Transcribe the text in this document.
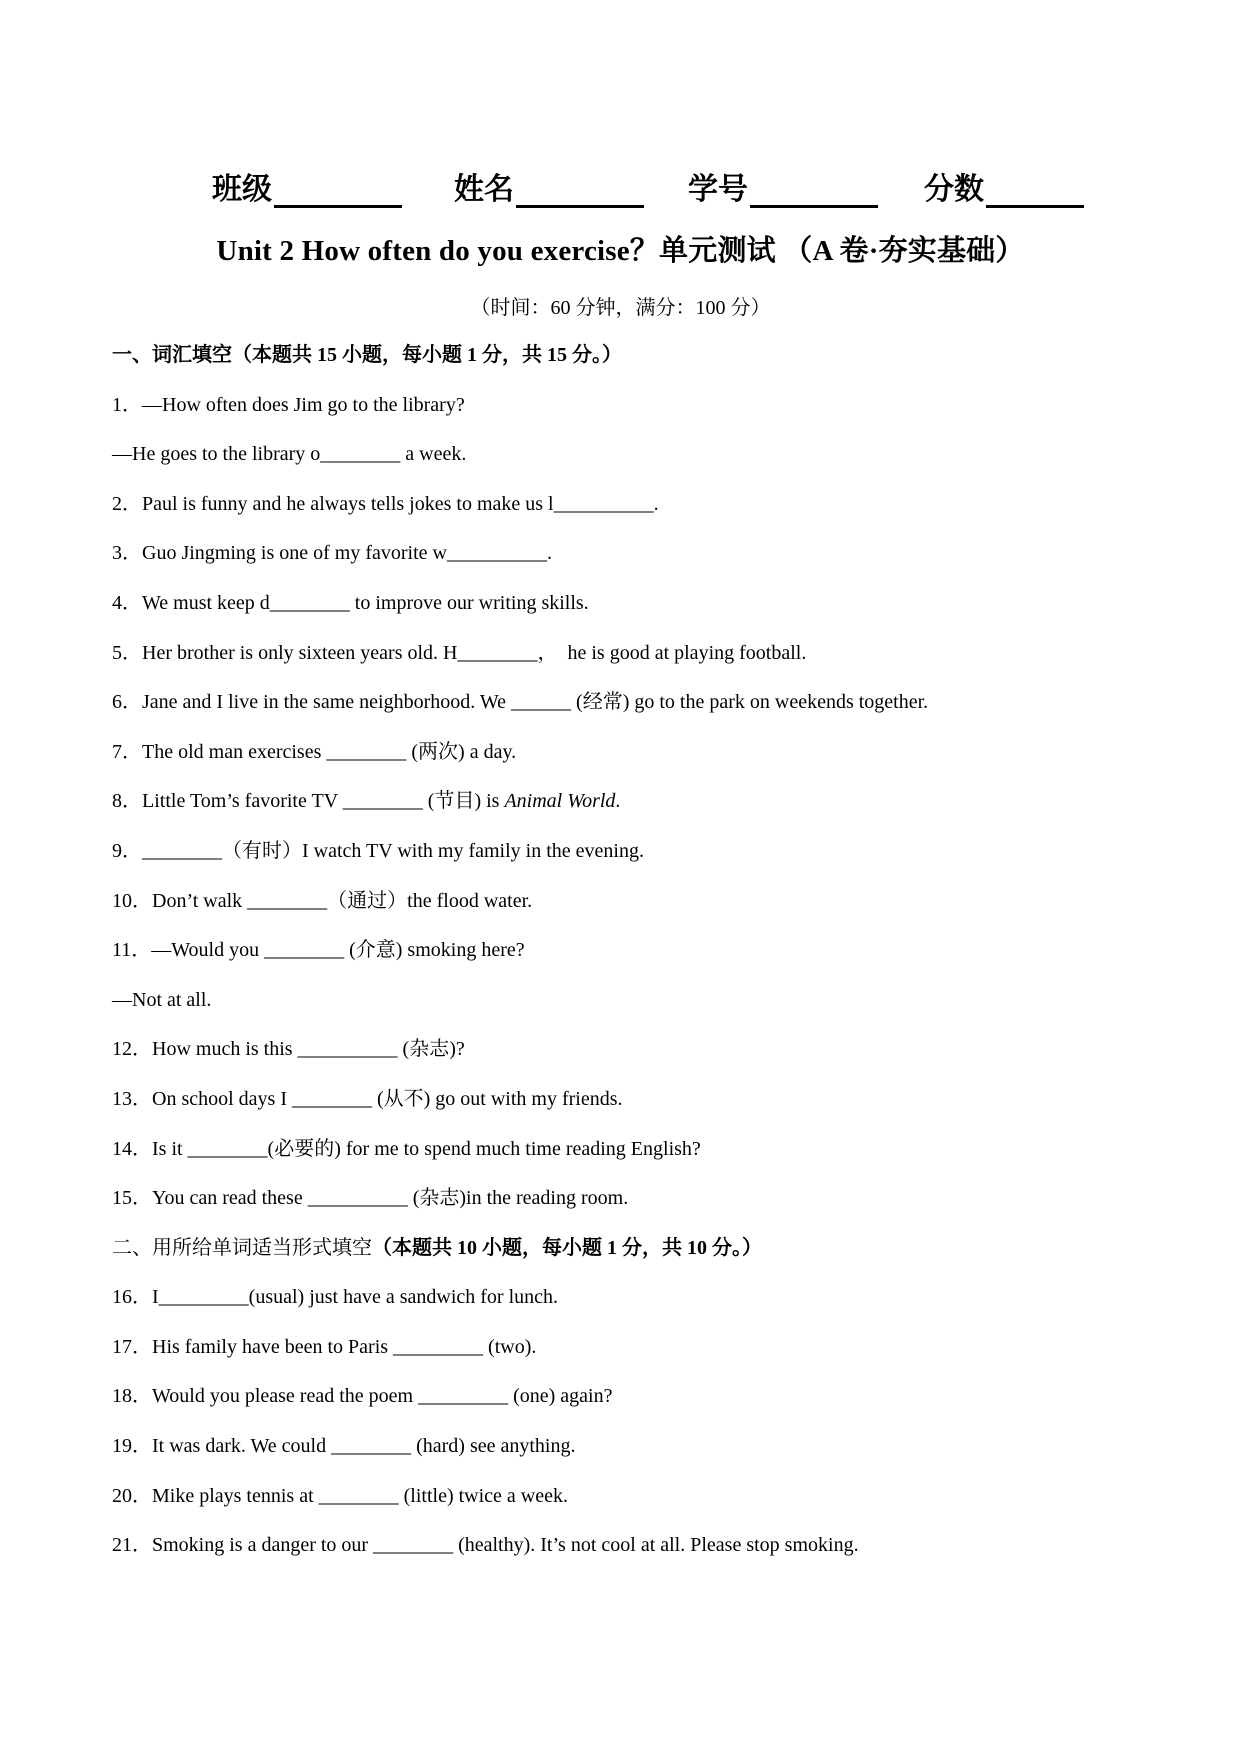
班级	姓名	学号	分数
Unit 2 How often do you exercise？单元测试 （A 卷·夯实基础）
（时间：60 分钟，满分：100 分）
一、词汇填空（本题共 15 小题，每小题 1 分，共 15 分。）
1．—How often does Jim go to the library?
—He goes to the library o________ a week.
2．Paul is funny and he always tells jokes to make us l__________.
3．Guo Jingming is one of my favorite w__________.
4．We must keep d________ to improve our writing skills.
5．Her brother is only sixteen years old. H________，  he is good at playing football.
6．Jane and I live in the same neighborhood. We ______ (经常) go to the park on weekends together.
7．The old man exercises ________ (两次) a day.
8．Little Tom’s favorite TV ________ (节目) is Animal World.
9．________（有时）I watch TV with my family in the evening.
10．Don’t walk ________（通过）the flood water.
11．—Would you ________ (介意) smoking here?
—Not at all.
12．How much is this __________ (杂志)?
13．On school days I ________ (从不) go out with my friends.
14．Is it ________(必要的) for me to spend much time reading English?
15．You can read these __________ (杂志)in the reading room.
二、用所给单词适当形式填空（本题共 10 小题，每小题 1 分，共 10 分。）
16．I_________(usual) just have a sandwich for lunch.
17．His family have been to Paris _________ (two).
18．Would you please read the poem _________ (one) again?
19．It was dark. We could ________ (hard) see anything.
20．Mike plays tennis at ________ (little) twice a week.
21．Smoking is a danger to our ________ (healthy). It’s not cool at all. Please stop smoking.
